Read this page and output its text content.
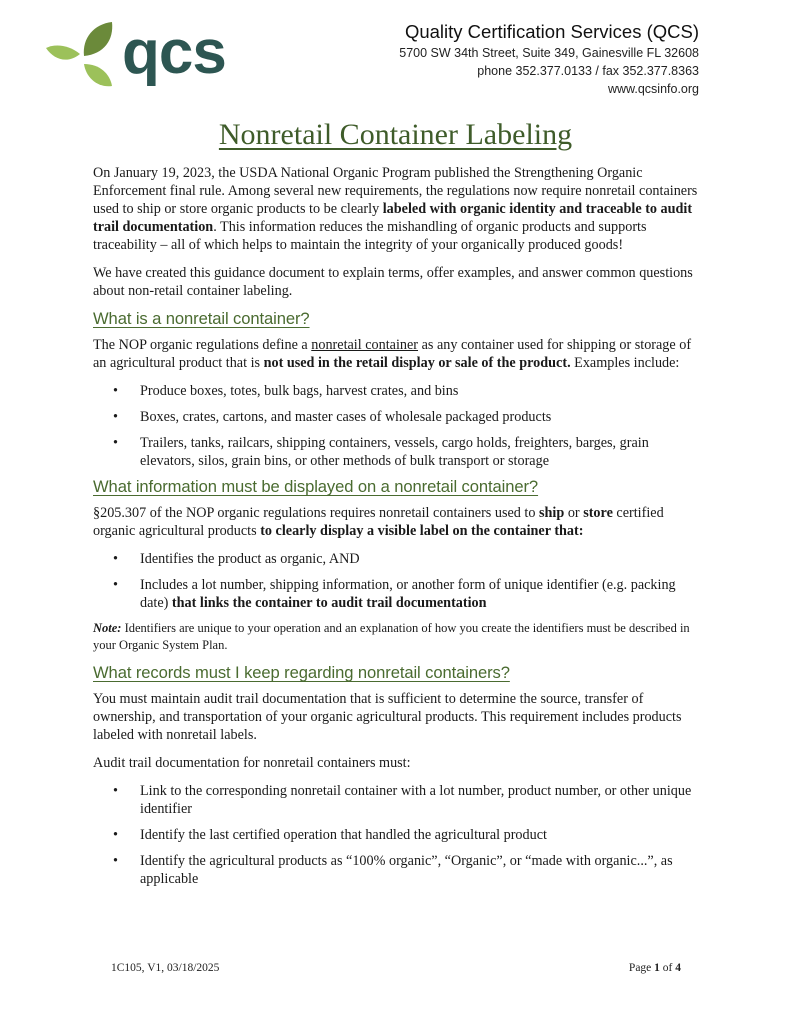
qcs	Quality Certification Services (QCS)
5700 SW 34th Street, Suite 349, Gainesville FL 32608
phone 352.377.0133 / fax 352.377.8363
www.qcsinfo.org
Nonretail Container Labeling

On January 19, 2023, the USDA National Organic Program published the Strengthening Organic Enforcement final rule. Among several new requirements, the regulations now require nonretail containers used to ship or store organic products to be clearly labeled with organic identity and traceable to audit trail documentation. This information reduces the mishandling of organic products and supports traceability – all of which helps to maintain the integrity of your organically produced goods!

We have created this guidance document to explain terms, offer examples, and answer common questions about non-retail container labeling.

What is a nonretail container?

The NOP organic regulations define a nonretail container as any container used for shipping or storage of an agricultural product that is not used in the retail display or sale of the product. Examples include:

• Produce boxes, totes, bulk bags, harvest crates, and bins
• Boxes, crates, cartons, and master cases of wholesale packaged products
• Trailers, tanks, railcars, shipping containers, vessels, cargo holds, freighters, barges, grain elevators, silos, grain bins, or other methods of bulk transport or storage
What information must be displayed on a nonretail container?

§205.307 of the NOP organic regulations requires nonretail containers used to ship or store certified organic agricultural products to clearly display a visible label on the container that:

• Identifies the product as organic, AND
• Includes a lot number, shipping information, or another form of unique identifier (e.g. packing date) that links the container to audit trail documentation

Note: Identifiers are unique to your operation and an explanation of how you create the identifiers must be described in your Organic System Plan.

What records must I keep regarding nonretail containers?

You must maintain audit trail documentation that is sufficient to determine the source, transfer of ownership, and transportation of your organic agricultural products. This requirement includes products labeled with nonretail labels.

Audit trail documentation for nonretail containers must:

• Link to the corresponding nonretail container with a lot number, product number, or other unique identifier
• Identify the last certified operation that handled the agricultural product
• Identify the agricultural products as “100% organic”, “Organic”, or “made with organic...”, as applicable
1C105, V1, 03/18/2025	Page 1 of 4
